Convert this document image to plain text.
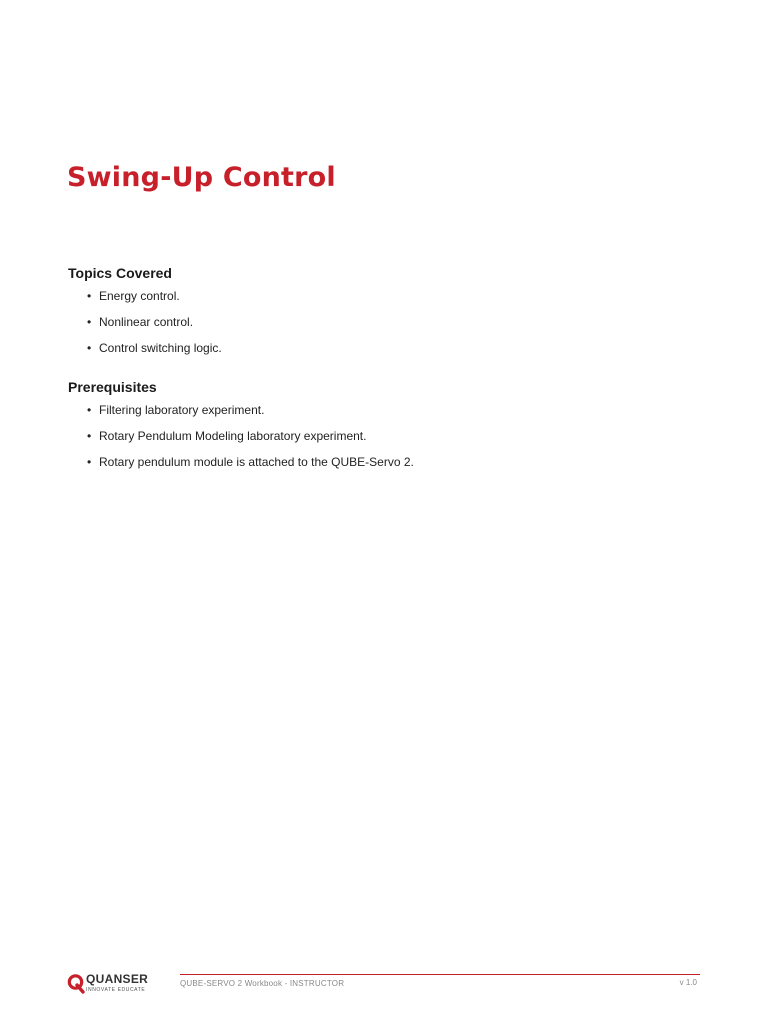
Swing-Up Control
Topics Covered
• Energy control.
• Nonlinear control.
• Control switching logic.
Prerequisites
• Filtering laboratory experiment.
• Rotary Pendulum Modeling laboratory experiment.
• Rotary pendulum module is attached to the QUBE-Servo 2.
QUANSER
INNOVATE EDUCATE
QUBE-SERVO 2 Workbook - INSTRUCTOR	v 1.0
